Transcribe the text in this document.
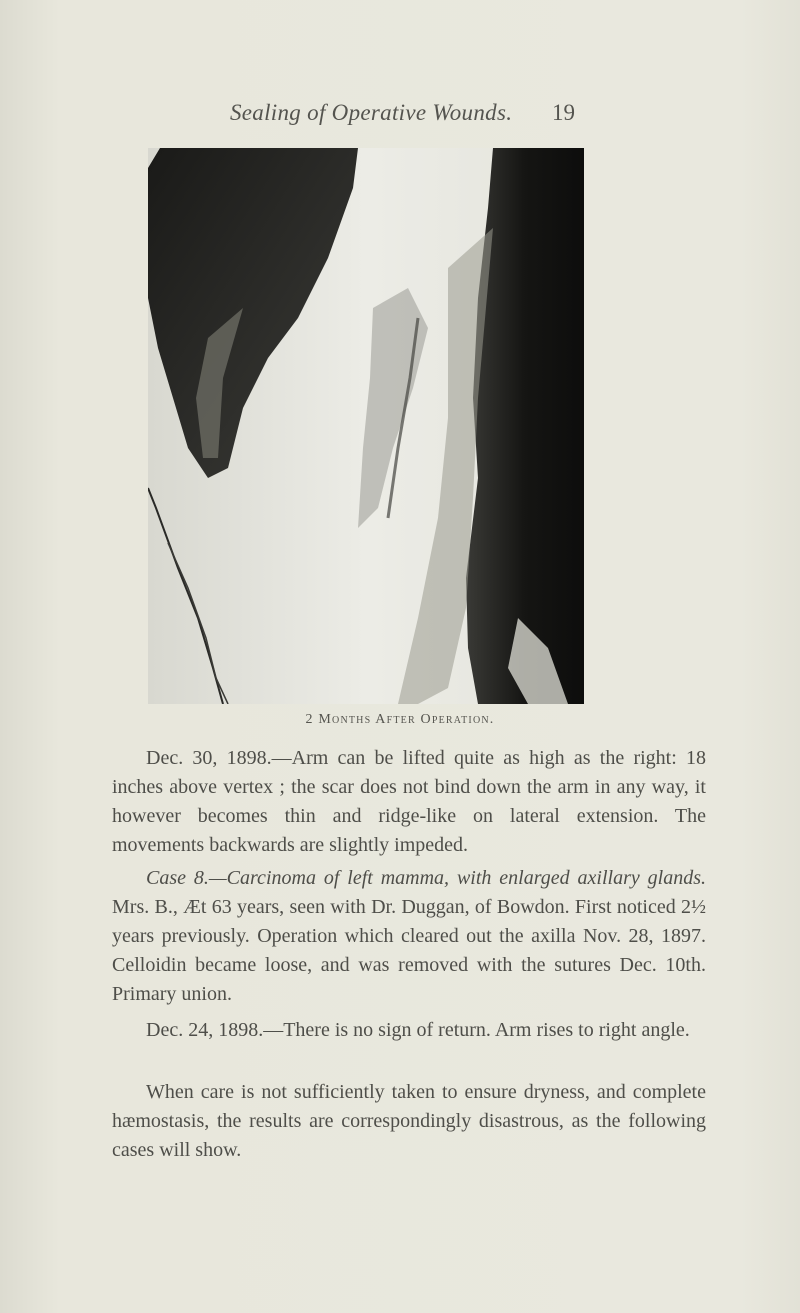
Sealing of Operative Wounds. 19
2 Months After Operation.

Dec. 30, 1898.—Arm can be lifted quite as high as the right: 18 inches above vertex ; the scar does not bind down the arm in any way, it however becomes thin and ridge-like on lateral extension. The movements backwards are slightly impeded.

Case 8.—Carcinoma of left mamma, with enlarged axillary glands. Mrs. B., Æt 63 years, seen with Dr. Duggan, of Bowdon. First noticed 2½ years previously. Operation which cleared out the axilla Nov. 28, 1897. Celloidin became loose, and was removed with the sutures Dec. 10th. Primary union.

Dec. 24, 1898.—There is no sign of return. Arm rises to right angle.

When care is not sufficiently taken to ensure dryness, and complete hæmostasis, the results are correspondingly disastrous, as the following cases will show.
